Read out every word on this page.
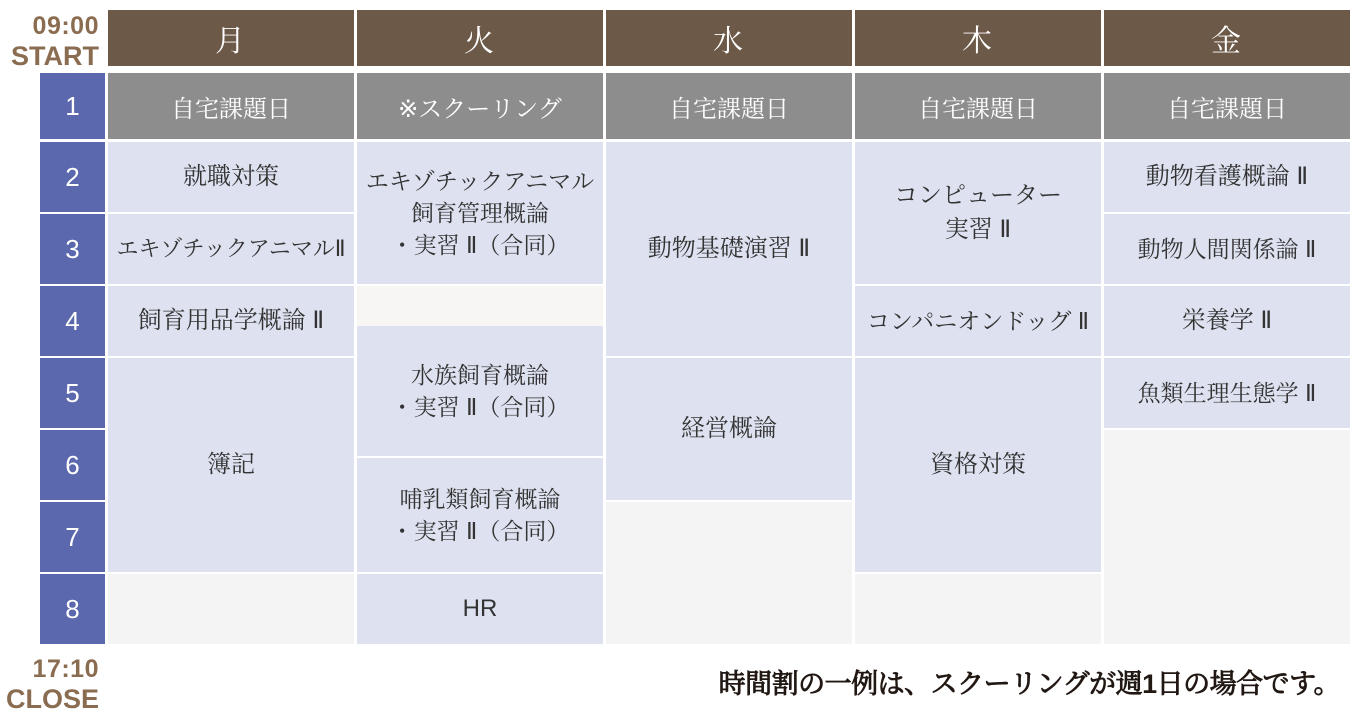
09:00
START
17:10
CLOSE
1
2
3
4
5
6
7
8
月
自宅課題日
就職対策
エキゾチックアニマルⅡ
飼育用品学概論 Ⅱ
簿記
火
※スクーリング
エキゾチックアニマル
飼育管理概論
・実習 Ⅱ（合同）
水族飼育概論
・実習 Ⅱ（合同）
哺乳類飼育概論
・実習 Ⅱ（合同）
HR
水
自宅課題日
動物基礎演習 Ⅱ
経営概論
木
自宅課題日
コンピューター
実習 Ⅱ
コンパニオンドッグ Ⅱ
資格対策
金
自宅課題日
動物看護概論 Ⅱ
動物人間関係論 Ⅱ
栄養学 Ⅱ
魚類生理生態学 Ⅱ
時間割の一例は、スクーリングが週1日の場合です。
